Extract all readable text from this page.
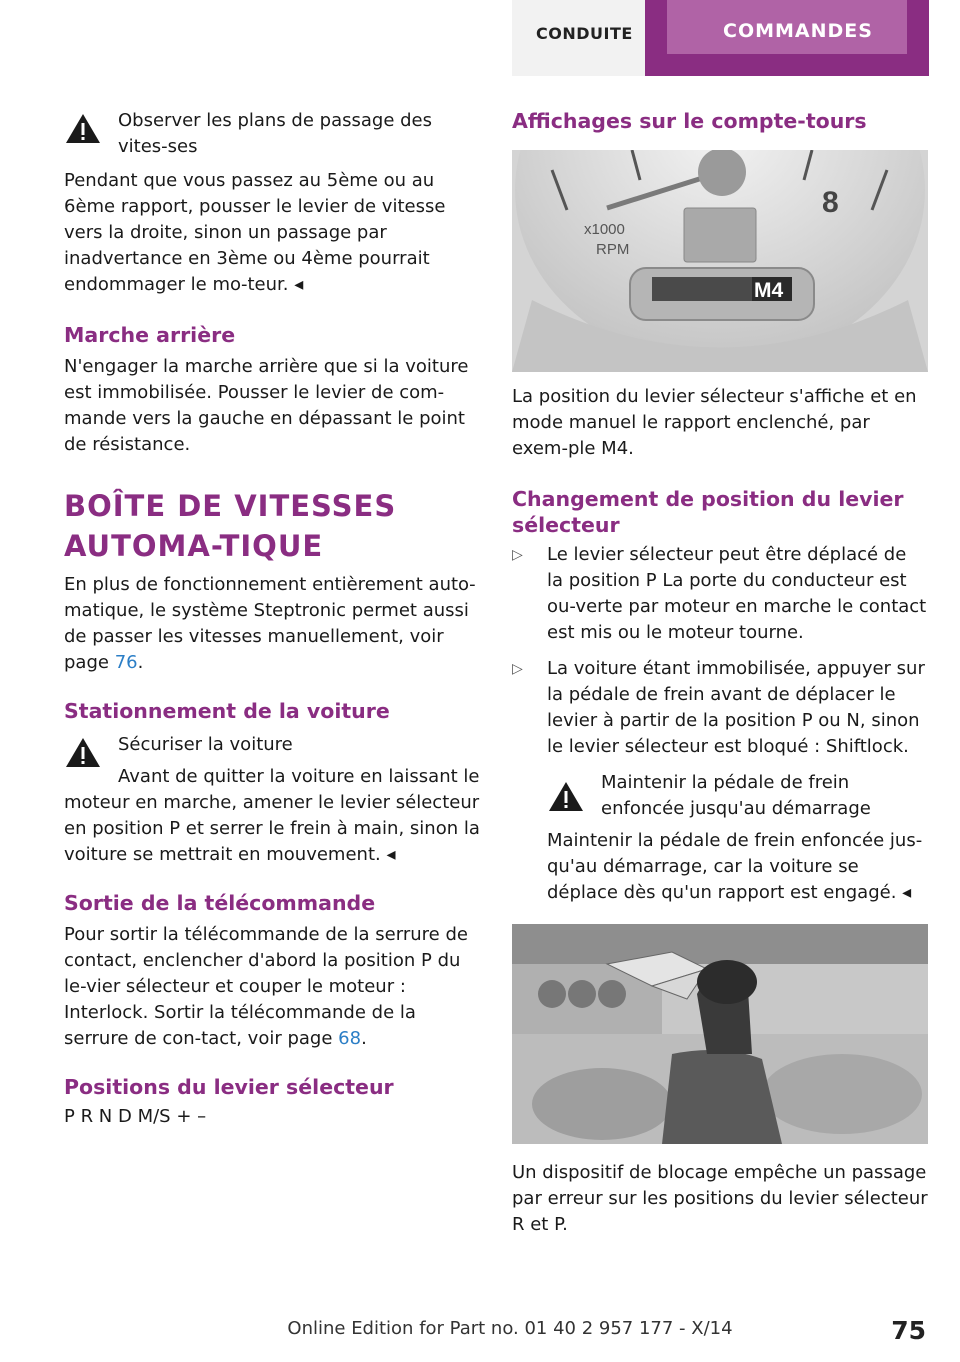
CONDUITE	COMMANDES

Observer les plans de passage des vites‐ses

Pendant que vous passez au 5ème ou au 6ème rapport, pousser le levier de vitesse vers la droite, sinon un passage par inadvertance en 3ème ou 4ème pourrait endommager le mo‐teur. ◂

Marche arrière

N'engager la marche arrière que si la voiture est immobilisée. Pousser le levier de com‐mande vers la gauche en dépassant le point de résistance.

BOÎTE DE VITESSES AUTOMA‐TIQUE

En plus de fonctionnement entièrement auto‐matique, le système Steptronic permet aussi de passer les vitesses manuellement, voir page 76.

Stationnement de la voiture

Sécuriser la voiture

Avant de quitter la voiture en laissant le moteur en marche, amener le levier sélecteur en position P et serrer le frein à main, sinon la voiture se mettrait en mouvement. ◂

Sortie de la télécommande

Pour sortir la télécommande de la serrure de contact, enclencher d'abord la position P du le‐vier sélecteur et couper le moteur : Interlock. Sortir la télécommande de la serrure de con‐tact, voir page 68.

Positions du levier sélecteur

P R N D M/S + –

Affichages sur le compte-tours

8
x1000
RPM
M4

La position du levier sélecteur s'affiche et en mode manuel le rapport enclenché, par exem‐ple M4.

Changement de position du levier sélecteur

▷ Le levier sélecteur peut être déplacé de la position P La porte du conducteur est ou‐verte par moteur en marche le contact est mis ou le moteur tourne.

▷ La voiture étant immobilisée, appuyer sur la pédale de frein avant de déplacer le levier à partir de la position P ou N, sinon le levier sélecteur est bloqué : Shiftlock.

Maintenir la pédale de frein enfoncée jusqu'au démarrage

Maintenir la pédale de frein enfoncée jus‐qu'au démarrage, car la voiture se déplace dès qu'un rapport est engagé. ◂

Un dispositif de blocage empêche un passage par erreur sur les positions du levier sélecteur R et P.

Online Edition for Part no. 01 40 2 957 177 - X/14	75
